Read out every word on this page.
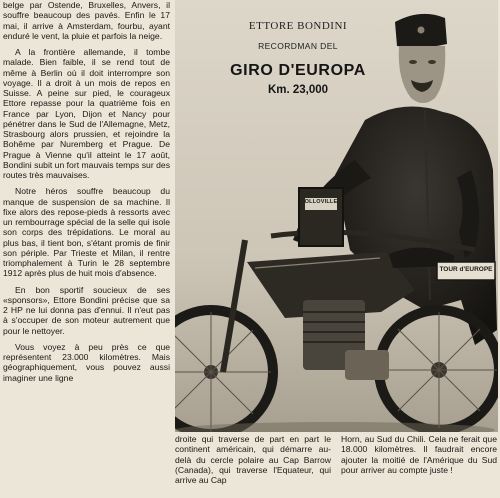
belge par Ostende, Bruxelles, Anvers, il souffre beaucoup des pavés. Enfin le 17 mai, il arrive à Amsterdam, fourbu, ayant enduré le vent, la pluie et parfois la neige.

A la frontière allemande, il tombe malade. Bien faible, il se rend tout de même à Berlin où il doit interrompre son voyage. Il a droit à un mois de repos en Suisse. A peine sur pied, le courageux Ettore repasse pour la quatrième fois en France par Lyon, Dijon et Nancy pour pénétrer dans le Sud de l'Allemagne, Metz, Strasbourg alors prussien, et rejoindre la Bohême par Nuremberg et Prague. De Prague à Vienne qu'il atteint le 17 août, Bondini subit un fort mauvais temps sur des routes très mauvaises.

Notre héros souffre beaucoup du manque de suspension de sa machine. Il fixe alors des repose-pieds à ressorts avec un rembourrage spécial de la selle qui isole son corps des trépidations. Le moral au plus bas, il tient bon, s'étant promis de finir son périple. Par Trieste et Milan, il rentre triomphalement à Turin le 28 septembre 1912 après plus de huit mois d'absence.

En bon sportif soucieux de ses «sponsors», Ettore Bondini précise que sa 2 HP ne lui donna pas d'ennui. Il n'eut pas à s'occuper de son moteur autrement que pour le nettoyer.

Vous voyez à peu près ce que représentent 23.000 kilomètres. Mais géographiquement, vous pouvez aussi imaginer une ligne

ETTORE BONDINI
RECORDMAN DEL
GIRO D'EUROPA
Km. 23,000
OLLOVILLE
TOUR d'EUROPE

droite qui traverse de part en part le continent américain, qui démarre au-delà du cercle polaire au Cap Barrow (Canada), qui traverse l'Equateur, qui arrive au Cap

Horn, au Sud du Chili. Cela ne ferait que 18.000 kilomètres. Il faudrait encore ajouter la moitié de l'Amérique du Sud pour arriver au compte juste !
